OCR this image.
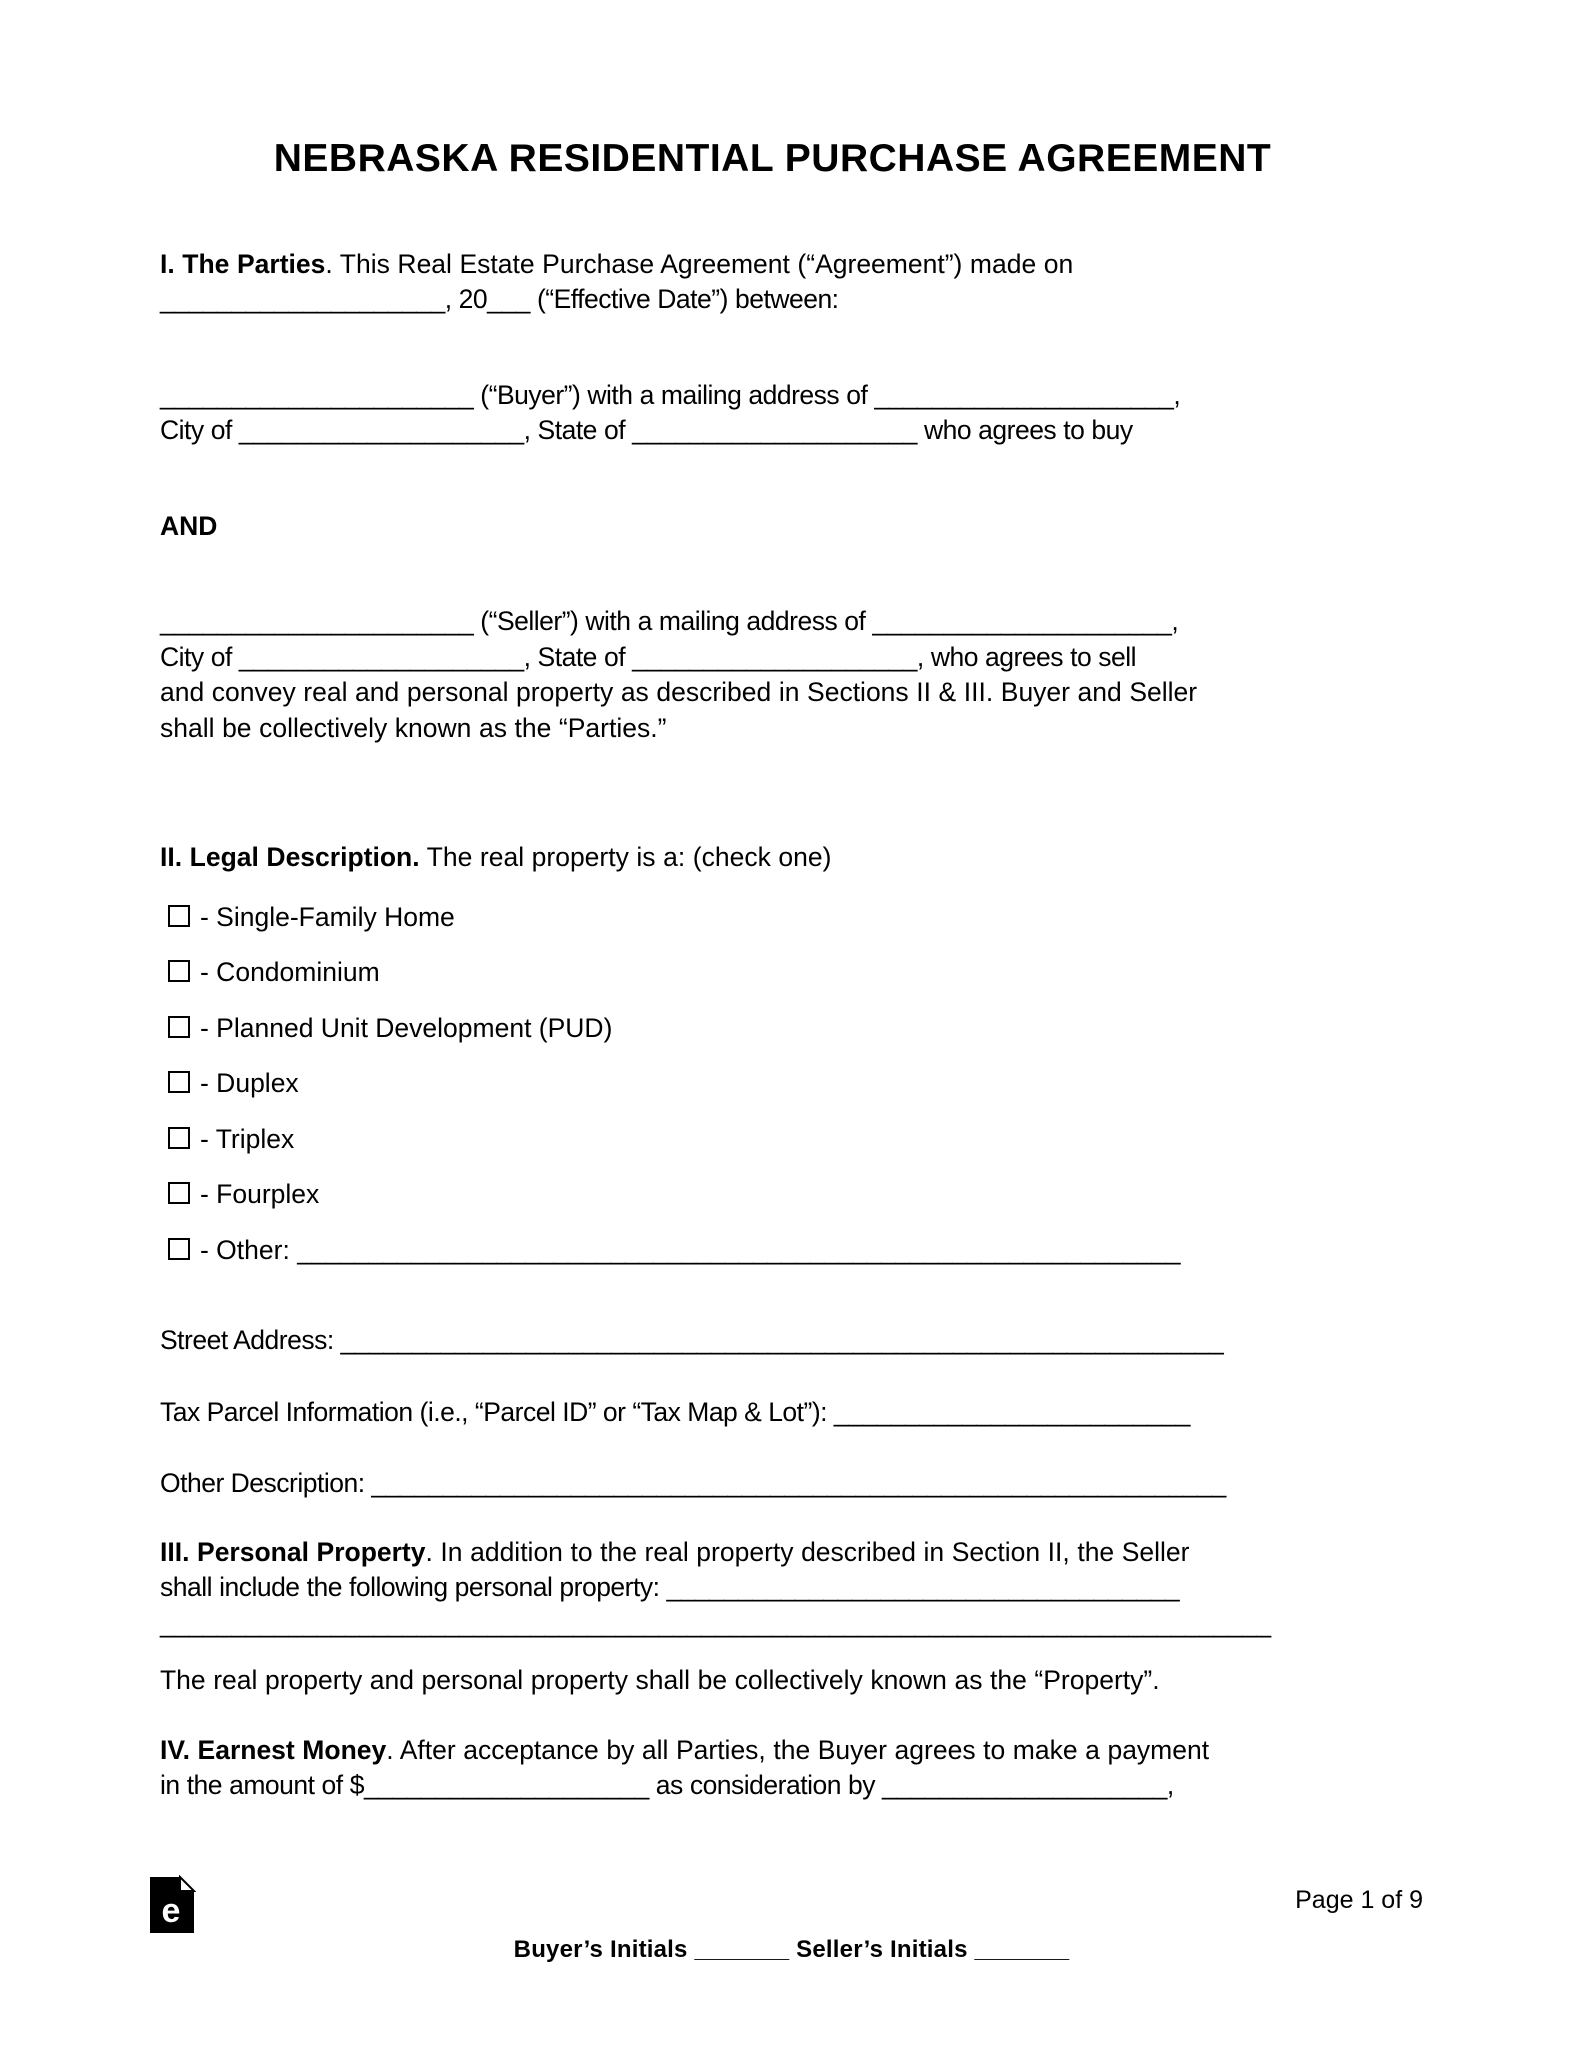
NEBRASKA RESIDENTIAL PURCHASE AGREEMENT

I. The Parties. This Real Estate Purchase Agreement (“Agreement”) made on

____________________, 20___ (“Effective Date”) between:

______________________ (“Buyer”) with a mailing address of _____________________,

City of ____________________, State of ____________________ who agrees to buy

AND

______________________ (“Seller”) with a mailing address of _____________________,

City of ____________________, State of ____________________, who agrees to sell

and convey real and personal property as described in Sections II & III. Buyer and Seller

shall be collectively known as the “Parties.”

II. Legal Description. The real property is a: (check one)

- Single-Family Home
- Condominium
- Planned Unit Development (PUD)
- Duplex
- Triplex
- Fourplex
- Other: ______________________________________________________________

Street Address: ______________________________________________________________

Tax Parcel Information (i.e., “Parcel ID” or “Tax Map & Lot”): _________________________

Other Description: ____________________________________________________________

III. Personal Property. In addition to the real property described in Section II, the Seller

shall include the following personal property: ____________________________________

______________________________________________________________________________

The real property and personal property shall be collectively known as the “Property”.

IV. Earnest Money. After acceptance by all Parties, the Buyer agrees to make a payment

in the amount of $____________________ as consideration by ____________________,

e	Page 1 of 9
Buyer’s Initials _______ Seller’s Initials _______
